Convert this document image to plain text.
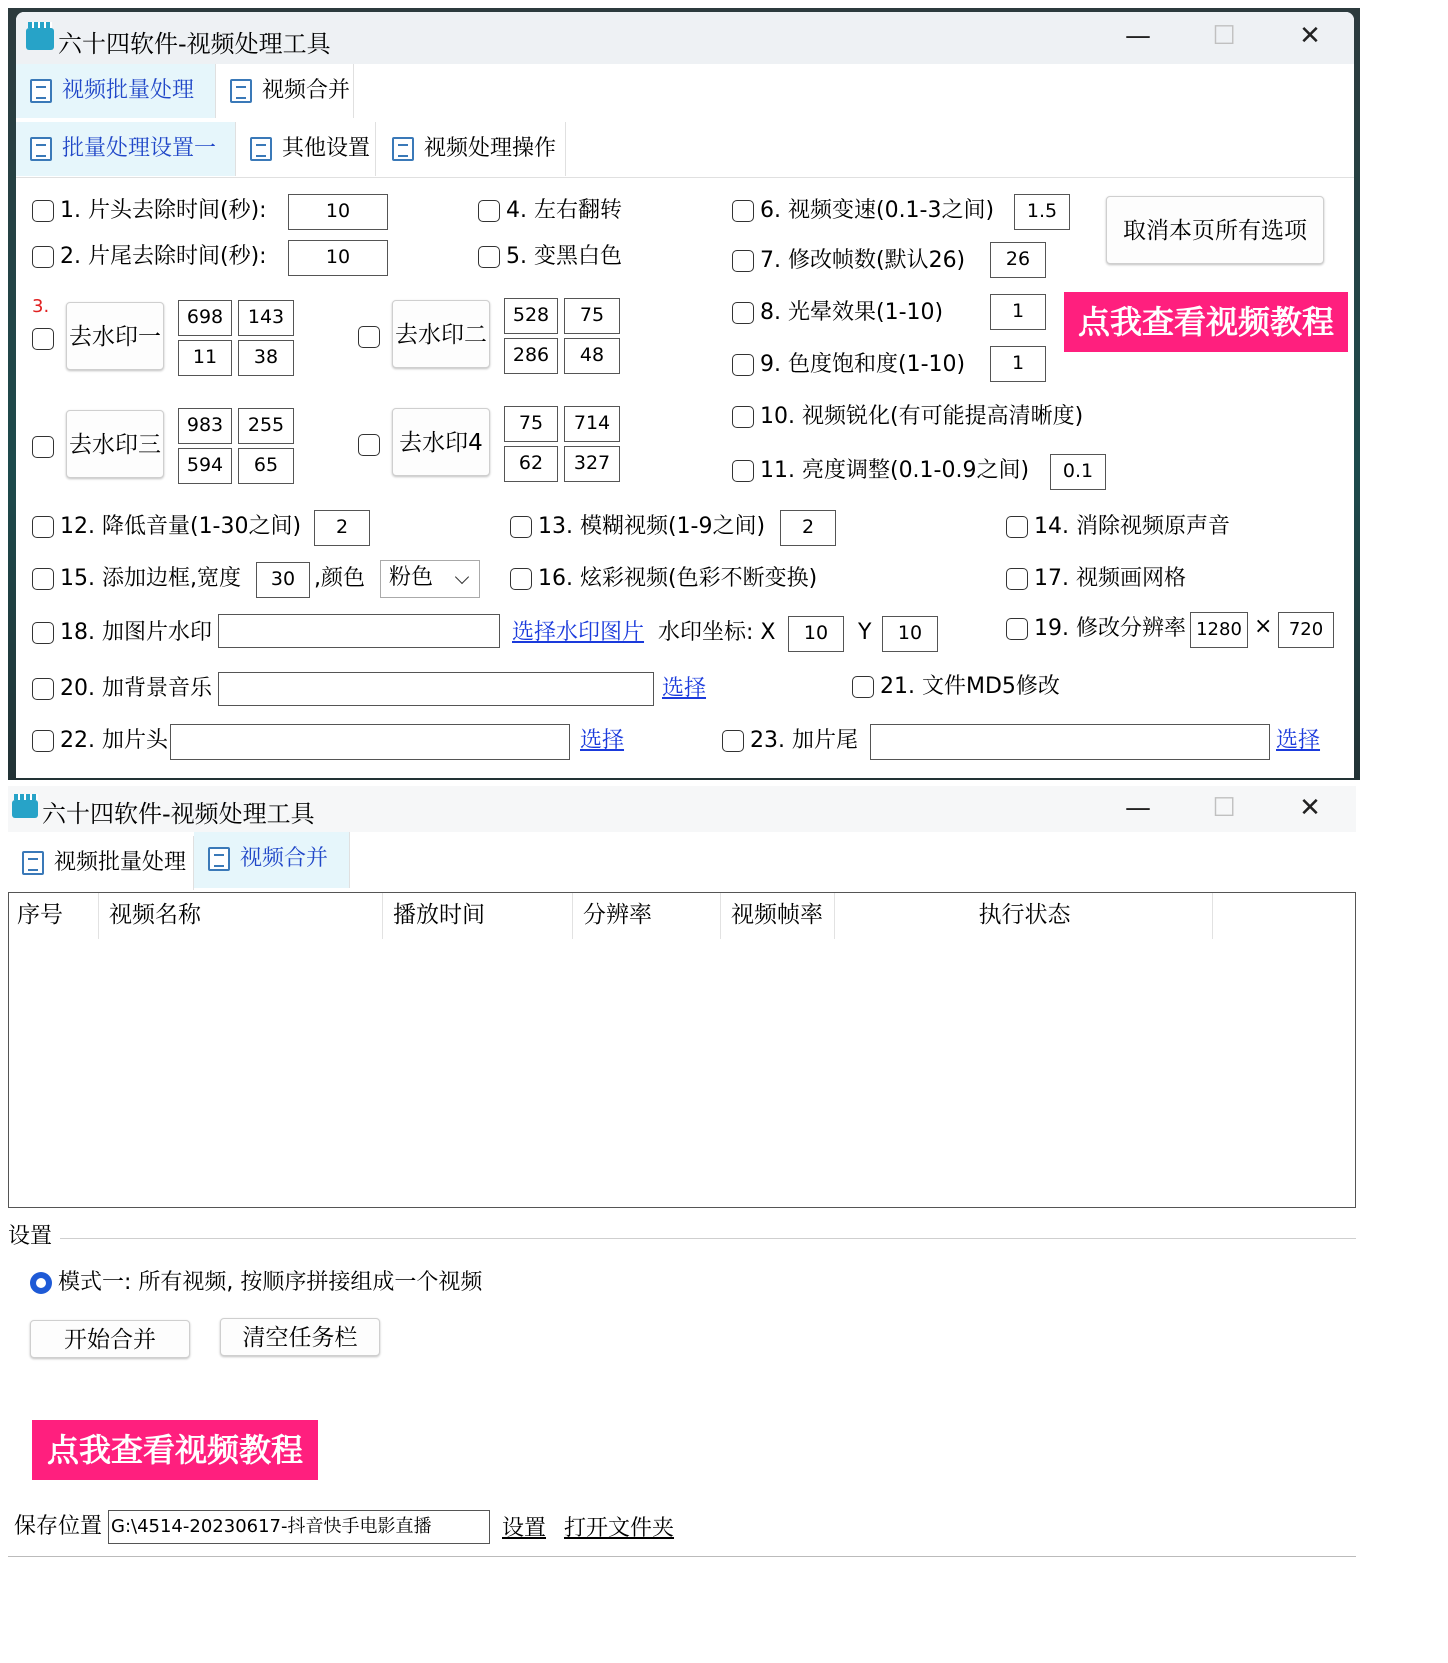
六十四软件-视频处理工具	—	☐	✕
视频批量处理	视频合并
批量处理设置一	其他设置	视频处理操作
1. 片头去除时间(秒):	10
2. 片尾去除时间(秒):	10
4. 左右翻转
5. 变黑白色
6. 视频变速(0.1-3之间)	1.5
7. 修改帧数(默认26)	26
取消本页所有选项
3.
去水印一
698	143
11	38
去水印二
528	75
286	48
去水印三
983	255
594	65
去水印4
75	714
62	327
8. 光晕效果(1-10)	1	点我查看视频教程
9. 色度饱和度(1-10)	1
10. 视频锐化(有可能提高清晰度)
11. 亮度调整(0.1-0.9之间)	0.1
12. 降低音量(1-30之间)	2	13. 模糊视频(1-9之间)	2	14. 消除视频原声音
15. 添加边框,宽度	30 ,颜色 粉色	16. 炫彩视频(色彩不断变换)	17. 视频画网格
18. 加图片水印	选择水印图片 水印坐标: X	10	Y	10	19. 修改分辨率 1280 × 720
20. 加背景音乐	选择	21. 文件MD5修改
22. 加片头	选择	23. 加片尾	选择
六十四软件-视频处理工具	—	☐	✕
视频批量处理	视频合并
序号	视频名称	播放时间	分辨率	视频帧率	执行状态
设置
模式一: 所有视频, 按顺序拼接组成一个视频
开始合并	清空任务栏
点我查看视频教程
保存位置 G:\4514-20230617-抖音快手电影直播	设置 打开文件夹
